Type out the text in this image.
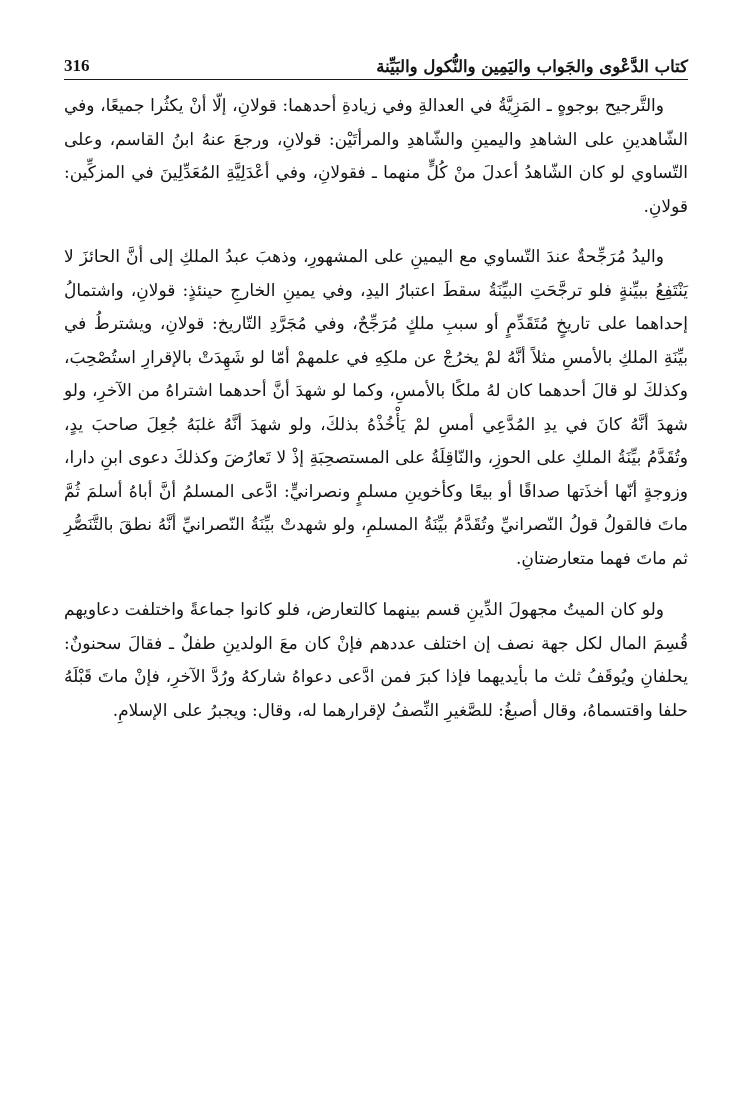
كتاب الدَّعْوى والجَواب واليَمِين والنُّكول والبَيِّنة
316

والتَّرجيح بوجوهٍ ـ المَزِيَّةُ في العدالةِ وفي زيادةِ أحدهما: قولانِ، إلّا أنْ يكثُرا جميعًا، وفي الشّاهدينِ على الشاهدِ واليمينِ والشّاهدِ والمرأتَيْن: قولانِ، ورجعَ عنهُ ابنُ القاسم، وعلى التّساوي لو كان الشّاهدُ أعدلَ منْ كُلٍّ منهما ـ فقولانِ، وفي أعْدَلِيَّةِ المُعَدِّلِينَ في المزكِّين: قولانِ.

واليدُ مُرَجِّحةٌ عندَ التّساوي مع اليمينِ على المشهورِ، وذهبَ عبدُ الملكِ إلى أنَّ الحائزَ لا يَنْتَفِعُ ببيِّنةٍ فلو ترجَّحَتِ البيِّنَةُ سقطَ اعتبارُ اليدِ، وفي يمينِ الخارجِ حينئذٍ: قولانِ، واشتمالُ إحداهما على تاريخٍ مُتَقَدِّمٍ أو سببِ ملكٍ مُرَجِّحٌ، وفي مُجَرَّدِ التّاريخ: قولانِ، ويشترطُ في بيِّنَةِ الملكِ بالأمسِ مثلاً أنَّهُ لمْ يخرُجْ عن ملكِهِ في علمهمْ أمّا لو شَهِدَتْ بالإقرارِ استُصْحِبَ، وكذلكَ لو قالَ أحدهما كان لهُ ملكًا بالأمسِ، وكما لو شهدَ أنَّ أحدهما اشتراهُ من الآخرِ، ولو شهدَ أنَّهُ كانَ في يدِ المُدَّعِي أمسِ لمْ يَأْخُذْهُ بذلكَ، ولو شهدَ أنَّهُ غلبَهُ جُعِلَ صاحبَ يدٍ، وتُقَدَّمُ بيِّنَةُ الملكِ على الحوزِ، والنّاقِلَةُ على المستصحِبَةِ إذْ لا تَعارُضَ وكذلكَ دعوى ابنِ دارا، وزوجةٍ أنّها أخذَتها صداقًا أو بيعًا وكأخوينِ مسلمٍ ونصرانيٍّ: ادَّعى المسلمُ أنَّ أباهُ أسلمَ ثُمَّ ماتَ فالقولُ قولُ النّصرانيِّ وتُقَدَّمُ بيِّنَةُ المسلمِ، ولو شهدتْ بيِّنَةُ النّصرانيِّ أنَّهُ نطقَ بالتَّنَصُّرِ ثم ماتَ فهما متعارضتانِ.

ولو كان الميتُ مجهولَ الدِّينِ قسم بينهما كالتعارض، فلو كانوا جماعةً واختلفت دعاويهم قُسِمَ المال لكل جهة نصف إن اختلف عددهم فإنْ كان معَ الولدينِ طفلٌ ـ فقالَ سحنونٌ: يحلفانِ ويُوقَفُ ثلث ما بأيديهما فإذا كبرَ فمن ادَّعى دعواهُ شاركهُ ورُدَّ الآخرِ، فإنْ ماتَ قَبْلَهُ حلفا واقتسماهُ، وقال أصبغُ: للصَّغيرِ النِّصفُ لإقرارهما له، وقال: ويجبرُ على الإسلامِ.
